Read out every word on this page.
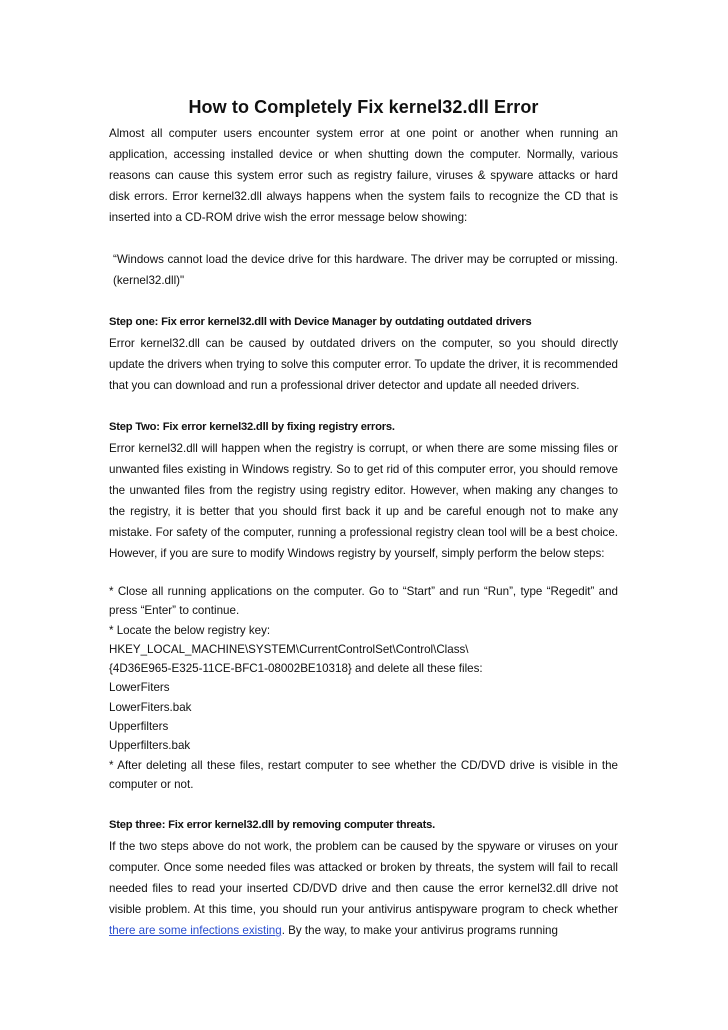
How to Completely Fix kernel32.dll Error

Almost all computer users encounter system error at one point or another when running an application, accessing installed device or when shutting down the computer. Normally, various reasons can cause this system error such as registry failure, viruses & spyware attacks or hard disk errors. Error kernel32.dll always happens when the system fails to recognize the CD that is inserted into a CD-ROM drive wish the error message below showing:

“Windows cannot load the device drive for this hardware. The driver may be corrupted or missing. (kernel32.dll)"

Step one: Fix error kernel32.dll with Device Manager by outdating outdated drivers

Error kernel32.dll can be caused by outdated drivers on the computer, so you should directly update the drivers when trying to solve this computer error. To update the driver, it is recommended that you can download and run a professional driver detector and update all needed drivers.

Step Two: Fix error kernel32.dll by fixing registry errors.

Error kernel32.dll will happen when the registry is corrupt, or when there are some missing files or unwanted files existing in Windows registry. So to get rid of this computer error, you should remove the unwanted files from the registry using registry editor. However, when making any changes to the registry, it is better that you should first back it up and be careful enough not to make any mistake. For safety of the computer, running a professional registry clean tool will be a best choice. However, if you are sure to modify Windows registry by yourself, simply perform the below steps:

* Close all running applications on the computer. Go to “Start” and run “Run”, type “Regedit” and press “Enter” to continue.

* Locate the below registry key:

HKEY_LOCAL_MACHINE\SYSTEM\CurrentControlSet\Control\Class\

{4D36E965-E325-11CE-BFC1-08002BE10318} and delete all these files:

LowerFiters

LowerFiters.bak

Upperfilters

Upperfilters.bak

* After deleting all these files, restart computer to see whether the CD/DVD drive is visible in the computer or not.

Step three: Fix error kernel32.dll by removing computer threats.

If the two steps above do not work, the problem can be caused by the spyware or viruses on your computer. Once some needed files was attacked or broken by threats, the system will fail to recall needed files to read your inserted CD/DVD drive and then cause the error kernel32.dll drive not visible problem. At this time, you should run your antivirus antispyware program to check whether there are some infections existing. By the way, to make your antivirus programs running
